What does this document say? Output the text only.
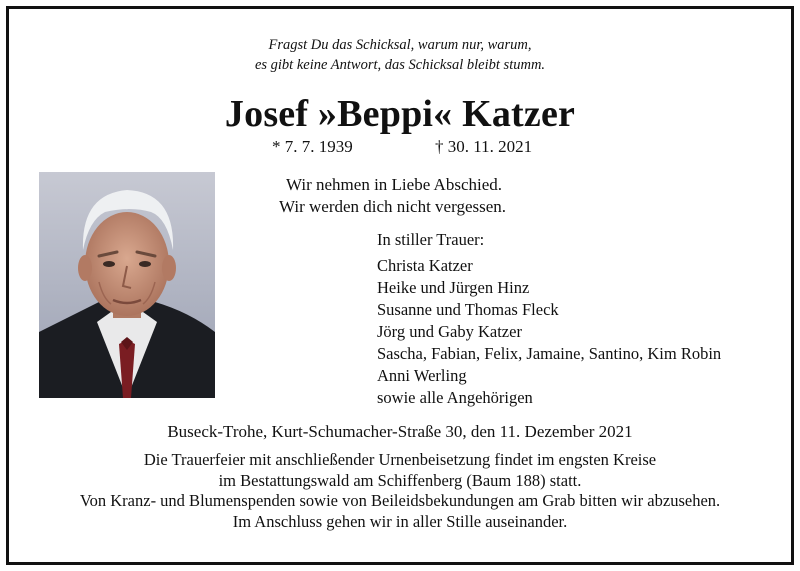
Fragst Du das Schicksal, warum nur, warum,
es gibt keine Antwort, das Schicksal bleibt stumm.
Josef »Beppi« Katzer
* 7. 7. 1939	† 30. 11. 2021
Wir nehmen in Liebe Abschied.
Wir werden dich nicht vergessen.
In stiller Trauer:
Christa Katzer
Heike und Jürgen Hinz
Susanne und Thomas Fleck
Jörg und Gaby Katzer
Sascha, Fabian, Felix, Jamaine, Santino, Kim Robin
Anni Werling
sowie alle Angehörigen
Buseck-Trohe, Kurt-Schumacher-Straße 30, den 11. Dezember 2021
Die Trauerfeier mit anschließender Urnenbeisetzung findet im engsten Kreise
im Bestattungswald am Schiffenberg (Baum 188) statt.
Von Kranz- und Blumenspenden sowie von Beileidsbekundungen am Grab bitten wir abzusehen.
Im Anschluss gehen wir in aller Stille auseinander.
